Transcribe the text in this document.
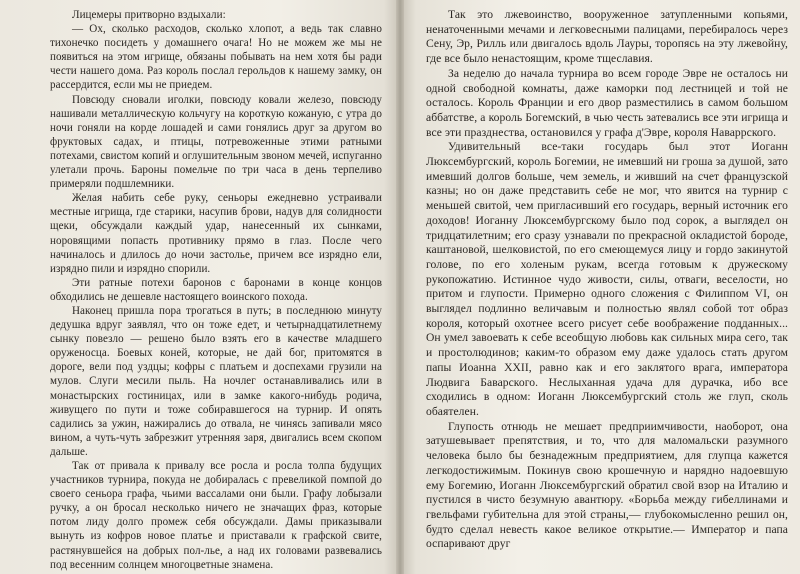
Лицемеры притворно вздыхали:

— Ох, сколько расходов, сколько хлопот, а ведь так славно тихонечко посидеть у домашнего очага! Но не можем же мы не появиться на этом игрище, обязаны побывать на нем хотя бы ради чести нашего дома. Раз король послал герольдов к нашему замку, он рассердится, если мы не приедем.

Повсюду сновали иголки, повсюду ковали железо, повсюду нашивали металлическую кольчугу на короткую кожаную, с утра до ночи гоняли на корде лошадей и сами гонялись друг за другом во фруктовых садах, и птицы, потревоженные этими ратными потехами, свистом копий и оглушительным звоном мечей, испуганно улетали прочь. Бароны помельче по три часа в день терпеливо примеряли подшлемники.

Желая набить себе руку, сеньоры ежедневно устраивали местные игрища, где старики, насупив брови, надув для солидности щеки, обсуждали каждый удар, нанесенный их сынками, норовящими попасть противнику прямо в глаз. После чего начиналось и длилось до ночи застолье, причем все изрядно ели, изрядно пили и изрядно спорили.

Эти ратные потехи баронов с баронами в конце концов обходились не дешевле настоящего воинского похода.

Наконец пришла пора трогаться в путь; в последнюю минуту дедушка вдруг заявлял, что он тоже едет, и четырнадцатилетнему сынку повезло — решено было взять его в качестве младшего оруженосца. Боевых коней, которые, не дай бог, притомятся в дороге, вели под уздцы; кофры с платьем и доспехами грузили на мулов. Слуги месили пыль. На ночлег останавливались или в монастырских гостиницах, или в замке какого-нибудь родича, живущего по пути и тоже собиравшегося на турнир. И опять садились за ужин, нажирались до отвала, не чинясь запивали мясо вином, а чуть-чуть забрезжит утренняя заря, двигались всем скопом дальше.

Так от привала к привалу все росла и росла толпа будущих участников турнира, покуда не добиралась с превеликой помпой до своего сеньора графа, чьими вассалами они были. Графу лобызали ручку, а он бросал несколько ничего не значащих фраз, которые потом лиду долго промеж себя обсуждали. Дамы приказывали вынуть из кофров новое платье и приставали к графской свите, растянувшейся на добрых пол-лье, а над их головами развевались под весенним солнцем многоцветные знамена.

Так это лжевоинство, вооруженное затупленными копьями, ненаточенными мечами и легковесными палицами, перебиралось через Сену, Эр, Рилль или двигалось вдоль Лауры, торопясь на эту лжевойну, где все было ненастоящим, кроме тщеславия.

За неделю до начала турнира во всем городе Эвре не осталось ни одной свободной комнаты, даже каморки под лестницей и той не осталось. Король Франции и его двор разместились в самом большом аббатстве, а король Богемский, в чью честь затевались все эти игрища и все эти празднества, остановился у графа д'Эвре, короля Наваррского.

Удивительный все-таки государь был этот Иоганн Люксембургский, король Богемии, не имевший ни гроша за душой, зато имевший долгов больше, чем земель, и живший на счет французской казны; но он даже представить себе не мог, что явится на турнир с меньшей свитой, чем пригласивший его государь, верный источник его доходов! Иоганну Люксембургскому было под сорок, а выглядел он тридцатилетним; его сразу узнавали по прекрасной окладистой бороде, каштановой, шелковистой, по его смеющемуся лицу и гордо закинутой голове, по его холеным рукам, всегда готовым к дружескому рукопожатию. Истинное чудо живости, силы, отваги, веселости, но притом и глупости. Примерно одного сложения с Филиппом VI, он выглядел подлинно величавым и полностью являл собой тот образ короля, который охотнее всего рисует себе воображение подданных... Он умел завоевать к себе всеобщую любовь как сильных мира сего, так и простолюдинов; каким-то образом ему даже удалось стать другом папы Иоанна XXII, равно как и его заклятого врага, императора Людвига Баварского. Неслыханная удача для дурачка, ибо все сходились в одном: Иоганн Люксембургский столь же глуп, сколь обаятелен.

Глупость отнюдь не мешает предприимчивости, наоборот, она затушевывает препятствия, и то, что для маломальски разумного человека было бы безнадежным предприятием, для глупца кажется легкодостижимым. Покинув свою крошечную и нарядно надоевшую ему Богемию, Иоганн Люксембургский обратил свой взор на Италию и пустился в чисто безумную авантюру. «Борьба между гибеллинами и гвельфами губительна для этой страны,— глубокомысленно решил он, будто сделал невесть какое великое открытие.— Император и папа оспаривают друг
